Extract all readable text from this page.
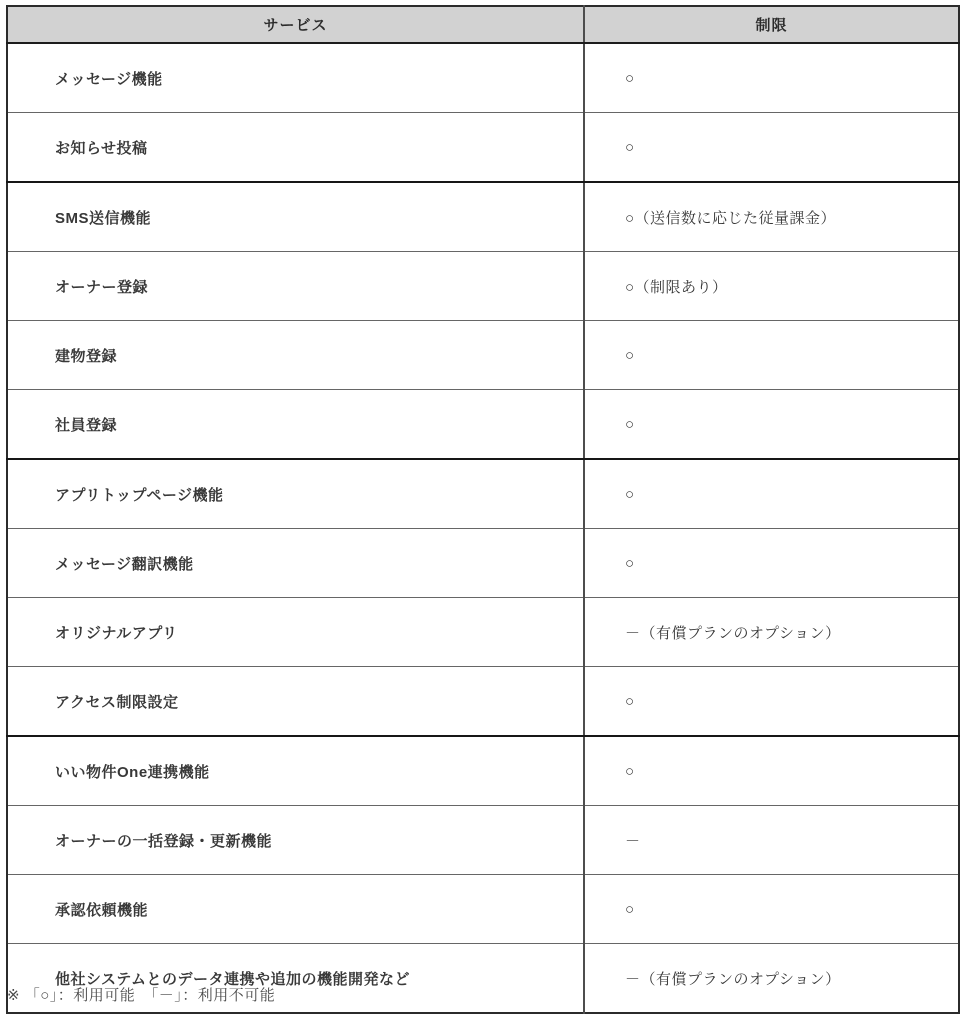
サービス	制限
メッセージ機能	○
お知らせ投稿	○
SMS送信機能	○（送信数に応じた従量課金）
オーナー登録	○（制限あり）
建物登録	○
社員登録	○
アプリトップページ機能	○
メッセージ翻訳機能	○
オリジナルアプリ	－（有償プランのオプション）
アクセス制限設定	○
いい物件One連携機能	○
オーナーの一括登録・更新機能	－
承認依頼機能	○
他社システムとのデータ連携や追加の機能開発など	－（有償プランのオプション）
※ 「○」：利用可能　「－」：利用不可能
